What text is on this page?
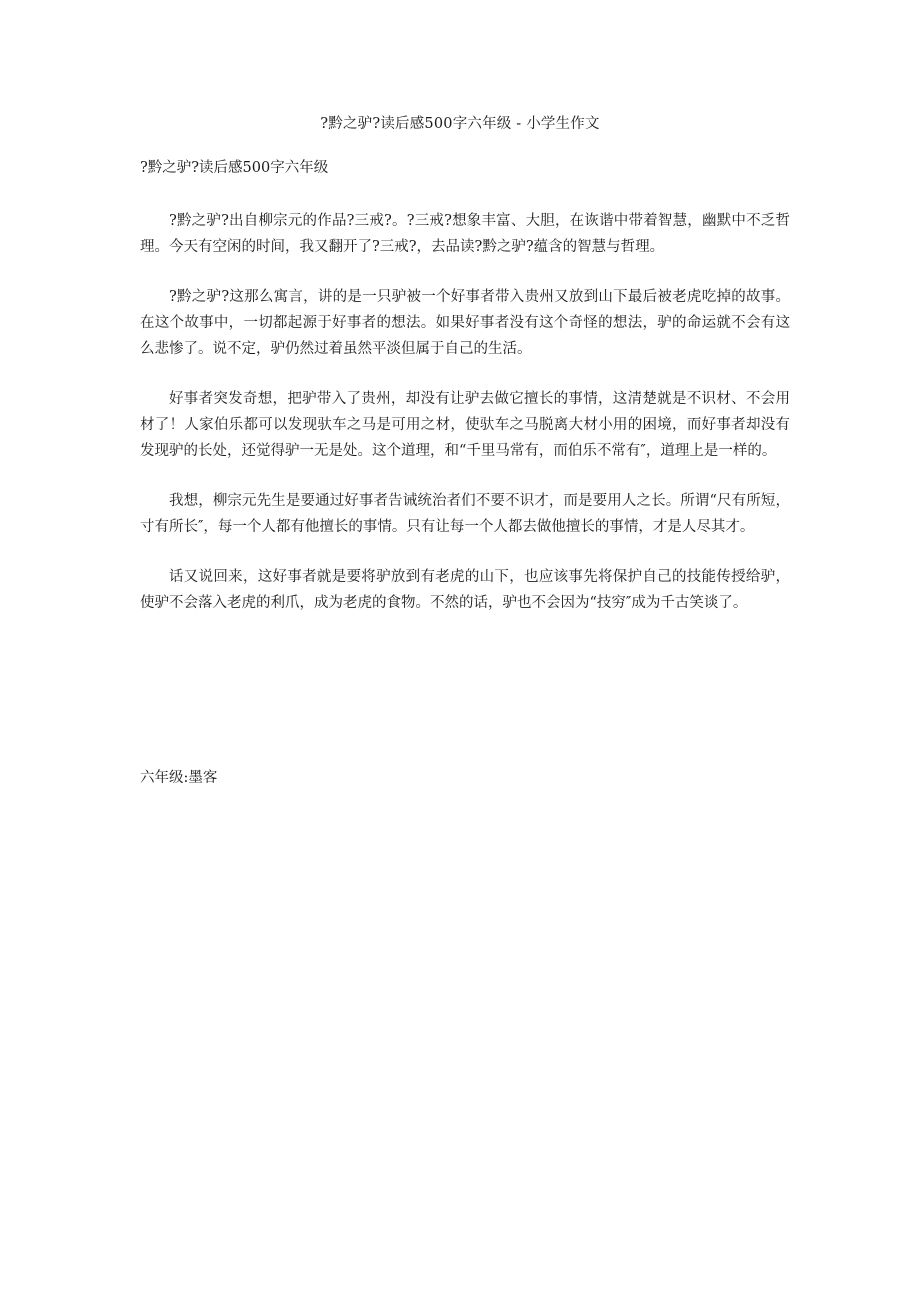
?黔之驴?读后感500字六年级 - 小学生作文
?黔之驴?读后感500字六年级

?黔之驴?出自柳宗元的作品?三戒?。?三戒?想象丰富、大胆，在诙谐中带着智慧，幽默中不乏哲理。今天有空闲的时间，我又翻开了?三戒?，去品读?黔之驴?蕴含的智慧与哲理。

?黔之驴?这那么寓言，讲的是一只驴被一个好事者带入贵州又放到山下最后被老虎吃掉的故事。在这个故事中，一切都起源于好事者的想法。如果好事者没有这个奇怪的想法，驴的命运就不会有这么悲惨了。说不定，驴仍然过着虽然平淡但属于自己的生活。

好事者突发奇想，把驴带入了贵州，却没有让驴去做它擅长的事情，这清楚就是不识材、不会用材了！人家伯乐都可以发现驮车之马是可用之材，使驮车之马脱离大材小用的困境，而好事者却没有发现驴的长处，还觉得驴一无是处。这个道理，和“千里马常有，而伯乐不常有″，道理上是一样的。

我想，柳宗元先生是要通过好事者告诫统治者们不要不识才，而是要用人之长。所谓“尺有所短，寸有所长″，每一个人都有他擅长的事情。只有让每一个人都去做他擅长的事情，才是人尽其才。

话又说回来，这好事者就是要将驴放到有老虎的山下，也应该事先将保护自己的技能传授给驴，使驴不会落入老虎的利爪，成为老虎的食物。不然的话，驴也不会因为“技穷″成为千古笑谈了。

六年级:墨客
